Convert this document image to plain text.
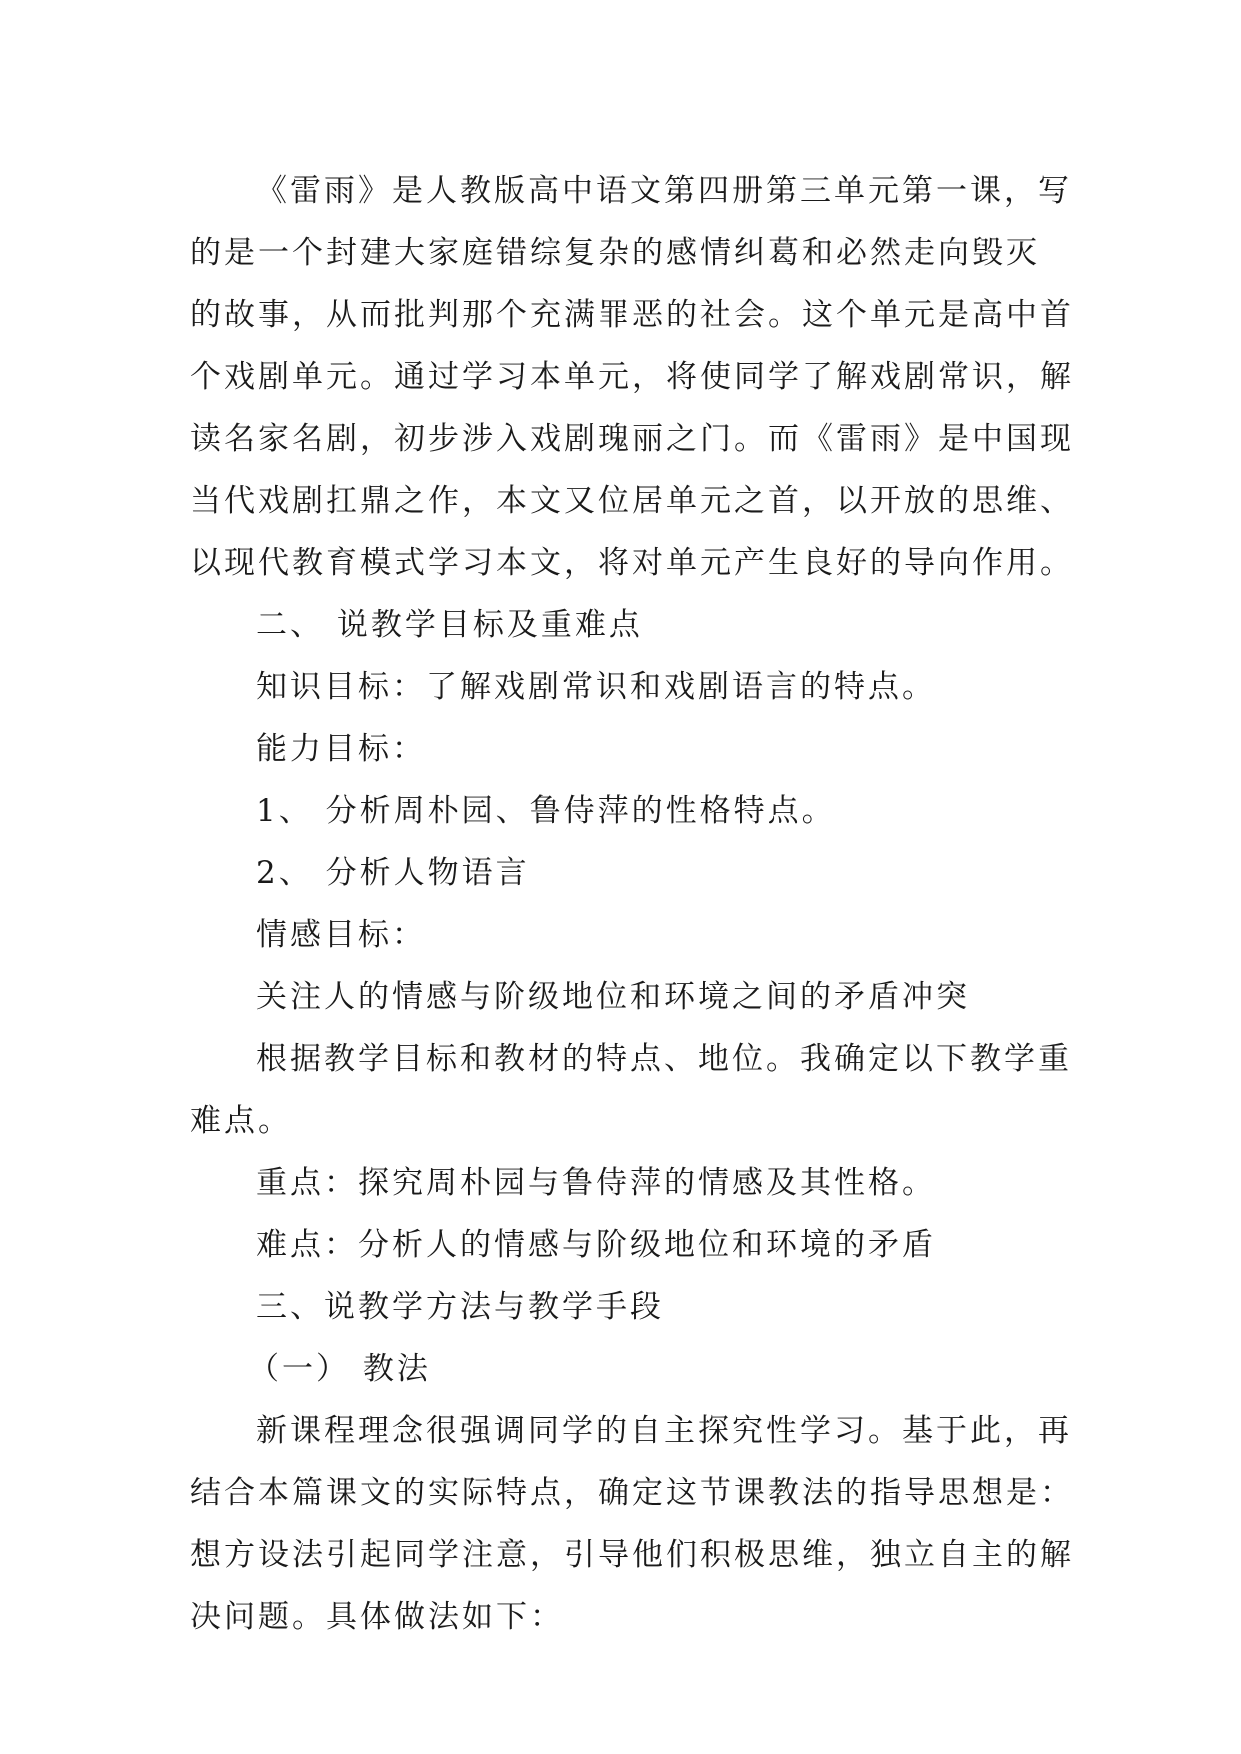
《雷雨》是人教版高中语文第四册第三单元第一课，写
的是一个封建大家庭错综复杂的感情纠葛和必然走向毁灭
的故事，从而批判那个充满罪恶的社会。这个单元是高中首
个戏剧单元。通过学习本单元，将使同学了解戏剧常识，解
读名家名剧，初步涉入戏剧瑰丽之门。而《雷雨》是中国现
当代戏剧扛鼎之作，本文又位居单元之首，以开放的思维、
以现代教育模式学习本文，将对单元产生良好的导向作用。

二、 说教学目标及重难点

知识目标：了解戏剧常识和戏剧语言的特点。

能力目标：

1、 分析周朴园、鲁侍萍的性格特点。

2、 分析人物语言

情感目标：

关注人的情感与阶级地位和环境之间的矛盾冲突

根据教学目标和教材的特点、地位。我确定以下教学重
难点。

重点：探究周朴园与鲁侍萍的情感及其性格。

难点：分析人的情感与阶级地位和环境的矛盾

三、说教学方法与教学手段

（一） 教法

新课程理念很强调同学的自主探究性学习。基于此，再
结合本篇课文的实际特点，确定这节课教法的指导思想是：
想方设法引起同学注意，引导他们积极思维，独立自主的解
决问题。具体做法如下：
